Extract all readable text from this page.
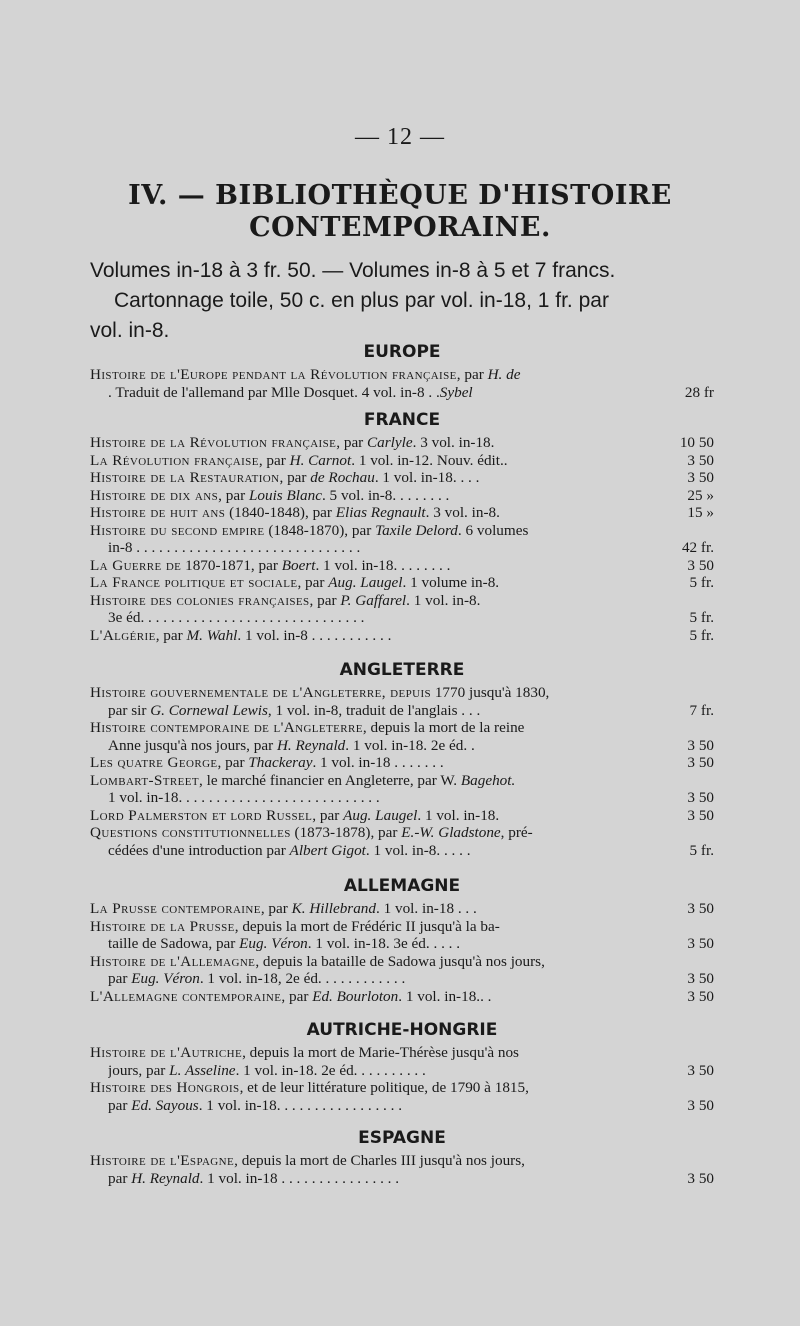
— 12 —
IV. — BIBLIOTHÈQUE D'HISTOIRE
CONTEMPORAINE.
Volumes in-18 à 3 fr. 50. — Volumes in-8 à 5 et 7 francs.
Cartonnage toile, 50 c. en plus par vol. in-18, 1 fr. par
vol. in-8.
EUROPE
Histoire de l'Europe pendant la Révolution française, par H. de
. Traduit de l'allemand par Mlle Dosquet. 4 vol. in-8 . .Sybel	28 fr
FRANCE
Histoire de la Révolution française, par Carlyle. 3 vol. in-18.	10 50
La Révolution française, par H. Carnot. 1 vol. in-12. Nouv. édit..	3 50
Histoire de la Restauration, par de Rochau. 1 vol. in-18. . . .	3 50
Histoire de dix ans, par Louis Blanc. 5 vol. in-8. . . . . . . .	25 »
Histoire de huit ans (1840-1848), par Elias Regnault. 3 vol. in-8.	15 »
Histoire du second empire (1848-1870), par Taxile Delord. 6 volumes
in-8 . . . . . . . . . . . . . . . . . . . . . . . . . . . . . .	42 fr.
La Guerre de 1870-1871, par Boert. 1 vol. in-18. . . . . . . .	3 50
La France politique et sociale, par Aug. Laugel. 1 volume in-8.	5 fr.
Histoire des colonies françaises, par P. Gaffarel. 1 vol. in-8.
3e éd. . . . . . . . . . . . . . . . . . . . . . . . . . . . . .	5 fr.
L'Algérie, par M. Wahl. 1 vol. in-8 . . . . . . . . . . .	5 fr.
ANGLETERRE
Histoire gouvernementale de l'Angleterre, depuis 1770 jusqu'à 1830,
par sir G. Cornewal Lewis, 1 vol. in-8, traduit de l'anglais . . .	7 fr.
Histoire contemporaine de l'Angleterre, depuis la mort de la reine
Anne jusqu'à nos jours, par H. Reynald. 1 vol. in-18. 2e éd. .	3 50
Les quatre George, par Thackeray. 1 vol. in-18 . . . . . . .	3 50
Lombart-Street, le marché financier en Angleterre, par W. Bagehot.
1 vol. in-18. . . . . . . . . . . . . . . . . . . . . . . . . . .	3 50
Lord Palmerston et lord Russel, par Aug. Laugel. 1 vol. in-18.	3 50
Questions constitutionnelles (1873-1878), par E.-W. Gladstone, pré-
cédées d'une introduction par Albert Gigot. 1 vol. in-8. . . . .	5 fr.
ALLEMAGNE
La Prusse contemporaine, par K. Hillebrand. 1 vol. in-18 . . .	3 50
Histoire de la Prusse, depuis la mort de Frédéric II jusqu'à la ba-
taille de Sadowa, par Eug. Véron. 1 vol. in-18. 3e éd. . . . .	3 50
Histoire de l'Allemagne, depuis la bataille de Sadowa jusqu'à nos jours,
par Eug. Véron. 1 vol. in-18, 2e éd. . . . . . . . . . . .	3 50
L'Allemagne contemporaine, par Ed. Bourloton. 1 vol. in-18.. .	3 50
AUTRICHE-HONGRIE
Histoire de l'Autriche, depuis la mort de Marie-Thérèse jusqu'à nos
jours, par L. Asseline. 1 vol. in-18. 2e éd. . . . . . . . . .	3 50
Histoire des Hongrois, et de leur littérature politique, de 1790 à 1815,
par Ed. Sayous. 1 vol. in-18. . . . . . . . . . . . . . . . .	3 50
ESPAGNE
Histoire de l'Espagne, depuis la mort de Charles III jusqu'à nos jours,
par H. Reynald. 1 vol. in-18 . . . . . . . . . . . . . . . .	3 50
